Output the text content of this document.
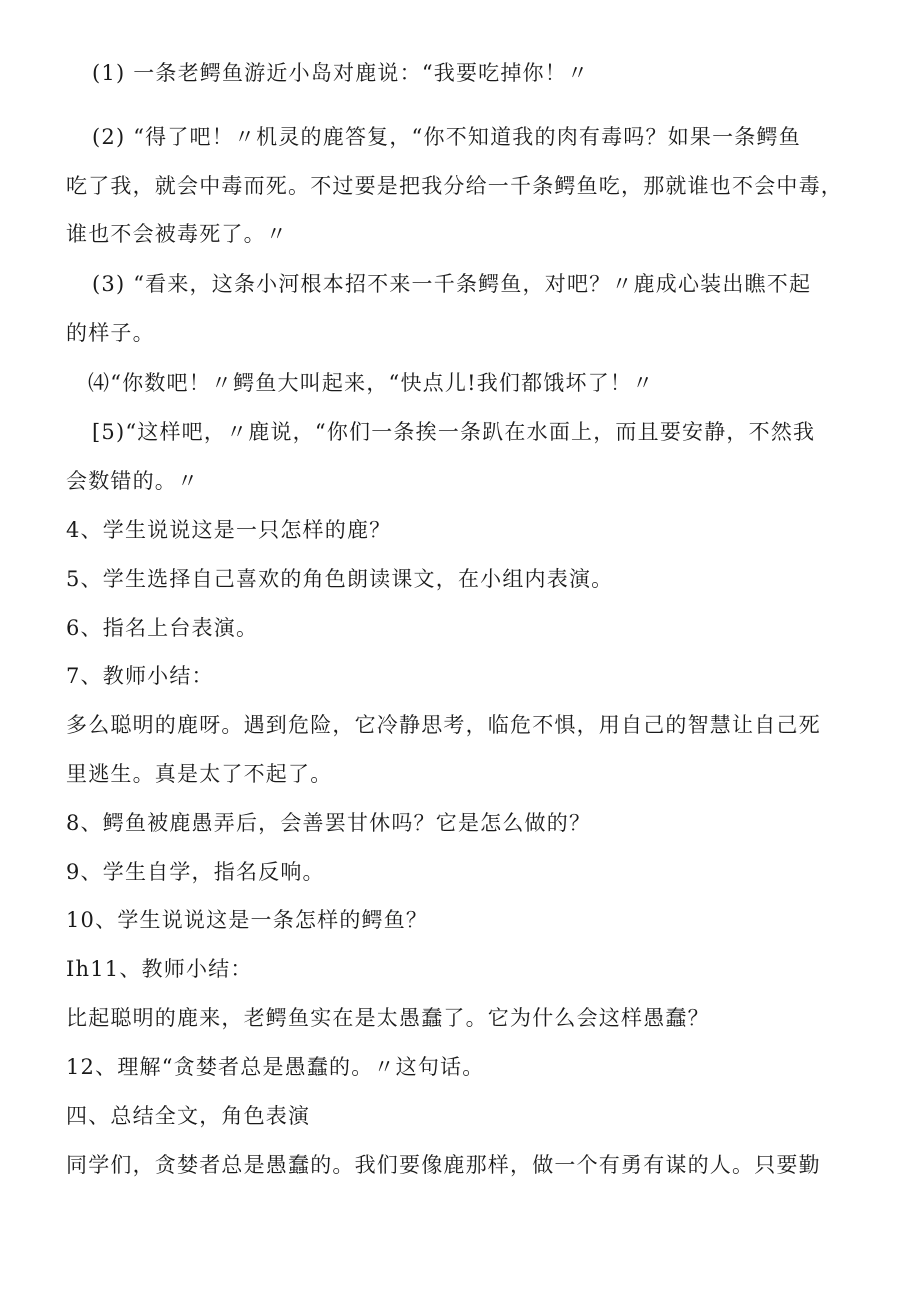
(1) 一条老鳄鱼游近小岛对鹿说：“我要吃掉你！〃
(2) “得了吧！〃机灵的鹿答复，“你不知道我的肉有毒吗？如果一条鳄鱼
吃了我，就会中毒而死。不过要是把我分给一千条鳄鱼吃，那就谁也不会中毒，
谁也不会被毒死了。〃
(3) “看来，这条小河根本招不来一千条鳄鱼，对吧？〃鹿成心装出瞧不起
的样子。
⑷“你数吧！〃鳄鱼大叫起来，“快点儿!我们都饿坏了！〃
[5)“这样吧，〃鹿说，“你们一条挨一条趴在水面上，而且要安静，不然我
会数错的。〃
4、学生说说这是一只怎样的鹿？
5、学生选择自己喜欢的角色朗读课文，在小组内表演。
6、指名上台表演。
7、教师小结：
多么聪明的鹿呀。遇到危险，它冷静思考，临危不惧，用自己的智慧让自己死
里逃生。真是太了不起了。
8、鳄鱼被鹿愚弄后，会善罢甘休吗？它是怎么做的？
9、学生自学，指名反响。
10、学生说说这是一条怎样的鳄鱼？
Ih11、教师小结：
比起聪明的鹿来，老鳄鱼实在是太愚蠢了。它为什么会这样愚蠢？
12、理解“贪婪者总是愚蠢的。〃这句话。
四、总结全文，角色表演
同学们，贪婪者总是愚蠢的。我们要像鹿那样，做一个有勇有谋的人。只要勤
